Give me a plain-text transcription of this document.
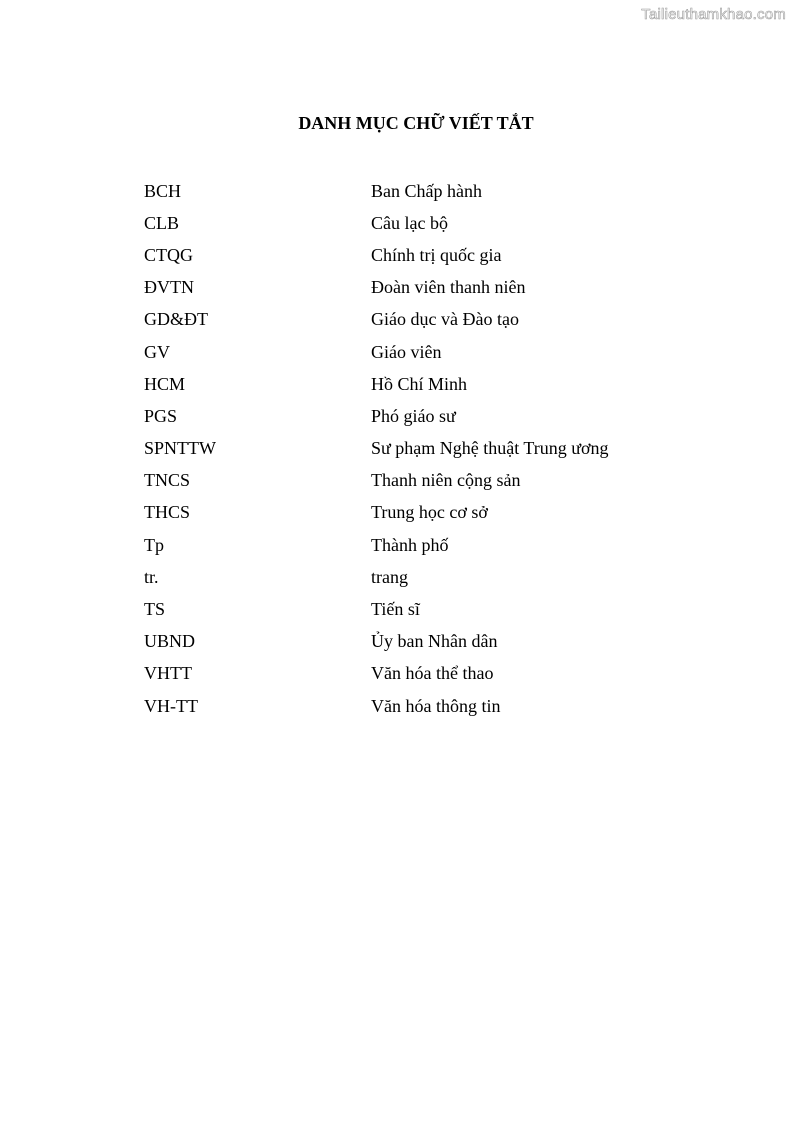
Tailieuthamkhao.com
DANH MỤC CHỮ VIẾT TẮT
BCH	Ban Chấp hành
CLB	Câu lạc bộ
CTQG	Chính trị quốc gia
ĐVTN	Đoàn viên thanh niên
GD&ĐT	Giáo dục và Đào tạo
GV	Giáo viên
HCM	Hồ Chí Minh
PGS	Phó giáo sư
SPNTTW	Sư phạm Nghệ thuật Trung ương
TNCS	Thanh niên cộng sản
THCS	Trung học cơ sở
Tp	Thành phố
tr.	trang
TS	Tiến sĩ
UBND	Ủy ban Nhân dân
VHTT	Văn hóa thể thao
VH-TT	Văn hóa thông tin
